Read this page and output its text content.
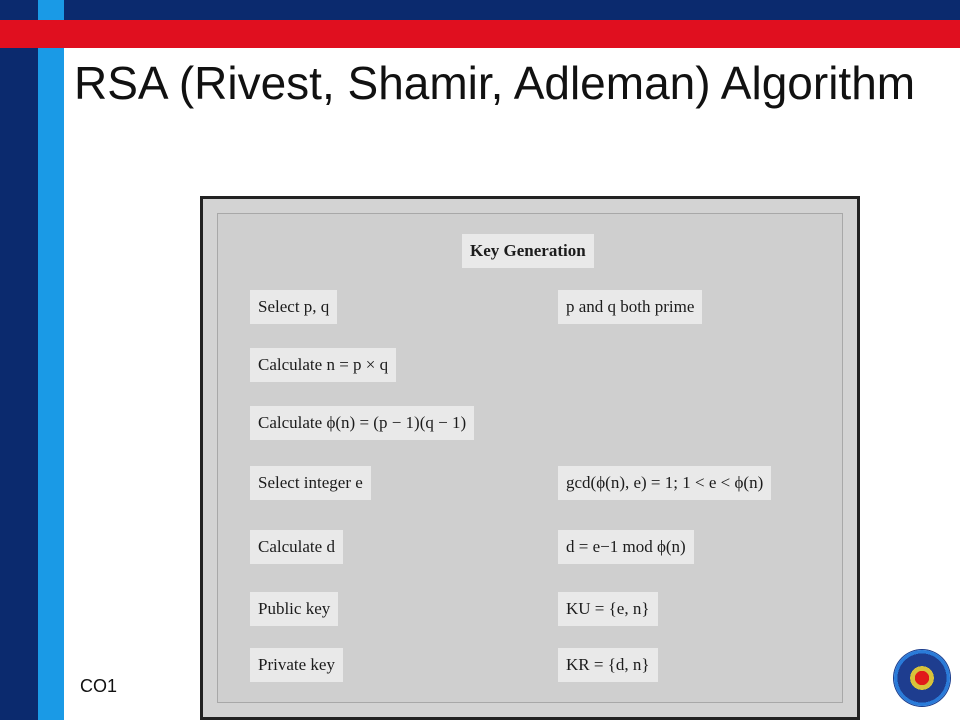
RSA (Rivest, Shamir, Adleman) Algorithm
Key Generation
Select p, q	p and q both prime
Calculate n = p × q
Calculate ϕ(n) = (p − 1)(q − 1)
Select integer e	gcd(ϕ(n), e) = 1; 1 < e < ϕ(n)
Calculate d	d = e−1 mod ϕ(n)
Public key	KU = {e, n}
Private key	KR = {d, n}
CO1
